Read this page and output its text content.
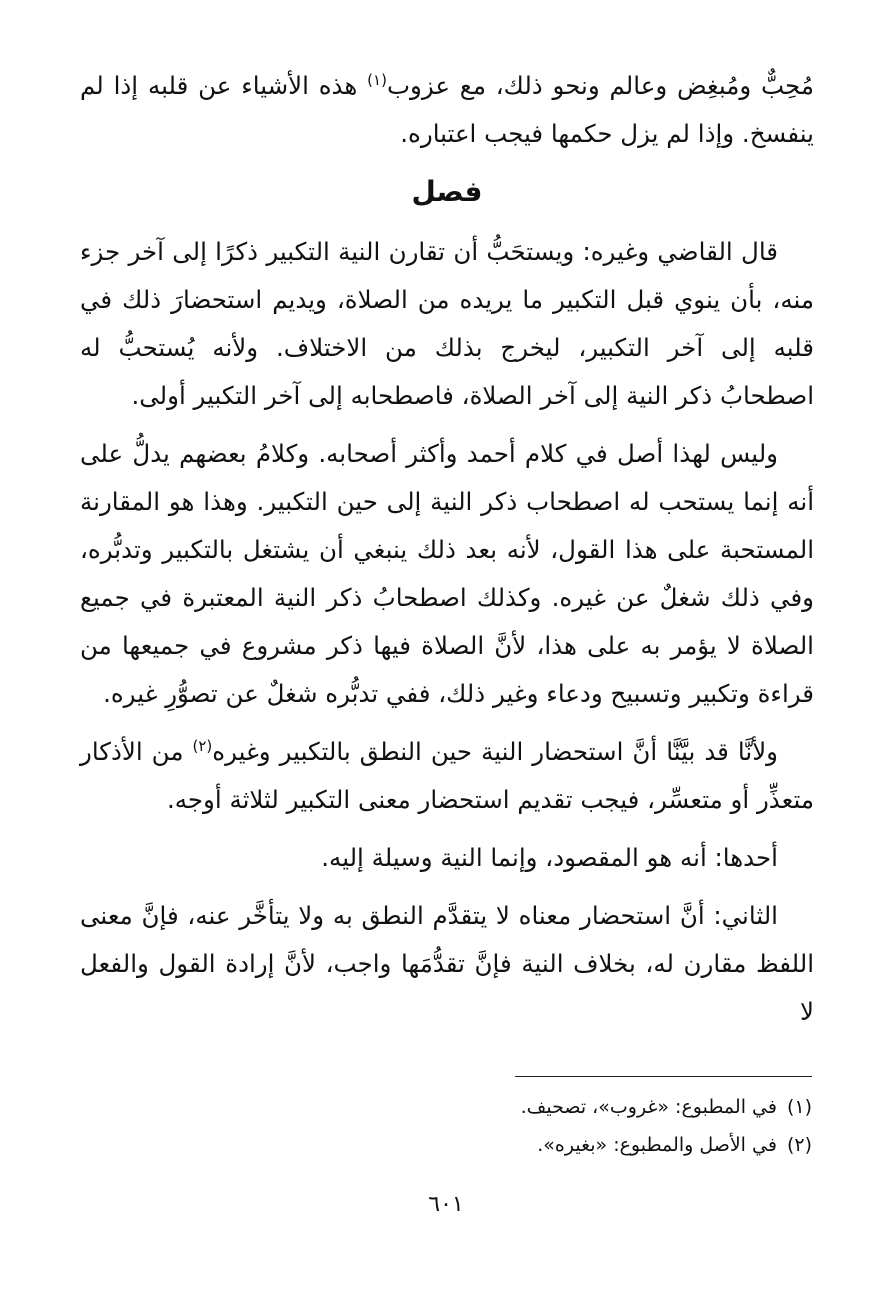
مُحِبٌّ ومُبغِض وعالم ونحو ذلك، مع عزوب$^{(١)}$ هذه الأشياء عن قلبه إذا لم ينفسخ. وإذا لم يزل حكمها فيجب اعتباره.

فصل

قال القاضي وغيره: ويستحَبُّ أن تقارن النية التكبير ذكرًا إلى آخر جزء منه، بأن ينوي قبل التكبير ما يريده من الصلاة، ويديم استحضارَ ذلك في قلبه إلى آخر التكبير، ليخرج بذلك من الاختلاف. ولأنه يُستحبُّ له اصطحابُ ذكر النية إلى آخر الصلاة، فاصطحابه إلى آخر التكبير أولى.

وليس لهذا أصل في كلام أحمد وأكثر أصحابه. وكلامُ بعضهم يدلُّ على أنه إنما يستحب له اصطحاب ذكر النية إلى حين التكبير. وهذا هو المقارنة المستحبة على هذا القول، لأنه بعد ذلك ينبغي أن يشتغل بالتكبير وتدبُّره، وفي ذلك شغلٌ عن غيره. وكذلك اصطحابُ ذكر النية المعتبرة في جميع الصلاة لا يؤمر به على هذا، لأنَّ الصلاة فيها ذكر مشروع في جميعها من قراءة وتكبير وتسبيح ودعاء وغير ذلك، ففي تدبُّره شغلٌ عن تصوُّرِ غيره.

ولأنَّا قد بيَّنَّا أنَّ استحضار النية حين النطق بالتكبير وغيره$^{(٢)}$ من الأذكار متعذِّر أو متعسِّر، فيجب تقديم استحضار معنى التكبير لثلاثة أوجه.

أحدها: أنه هو المقصود، وإنما النية وسيلة إليه.

الثاني: أنَّ استحضار معناه لا يتقدَّم النطق به ولا يتأخَّر عنه، فإنَّ معنى اللفظ مقارن له، بخلاف النية فإنَّ تقدُّمَها واجب، لأنَّ إرادة القول والفعل لا

(١)في المطبوع: «غروب»، تصحيف.

(٢)في الأصل والمطبوع: «بغيره».

٦٠١
